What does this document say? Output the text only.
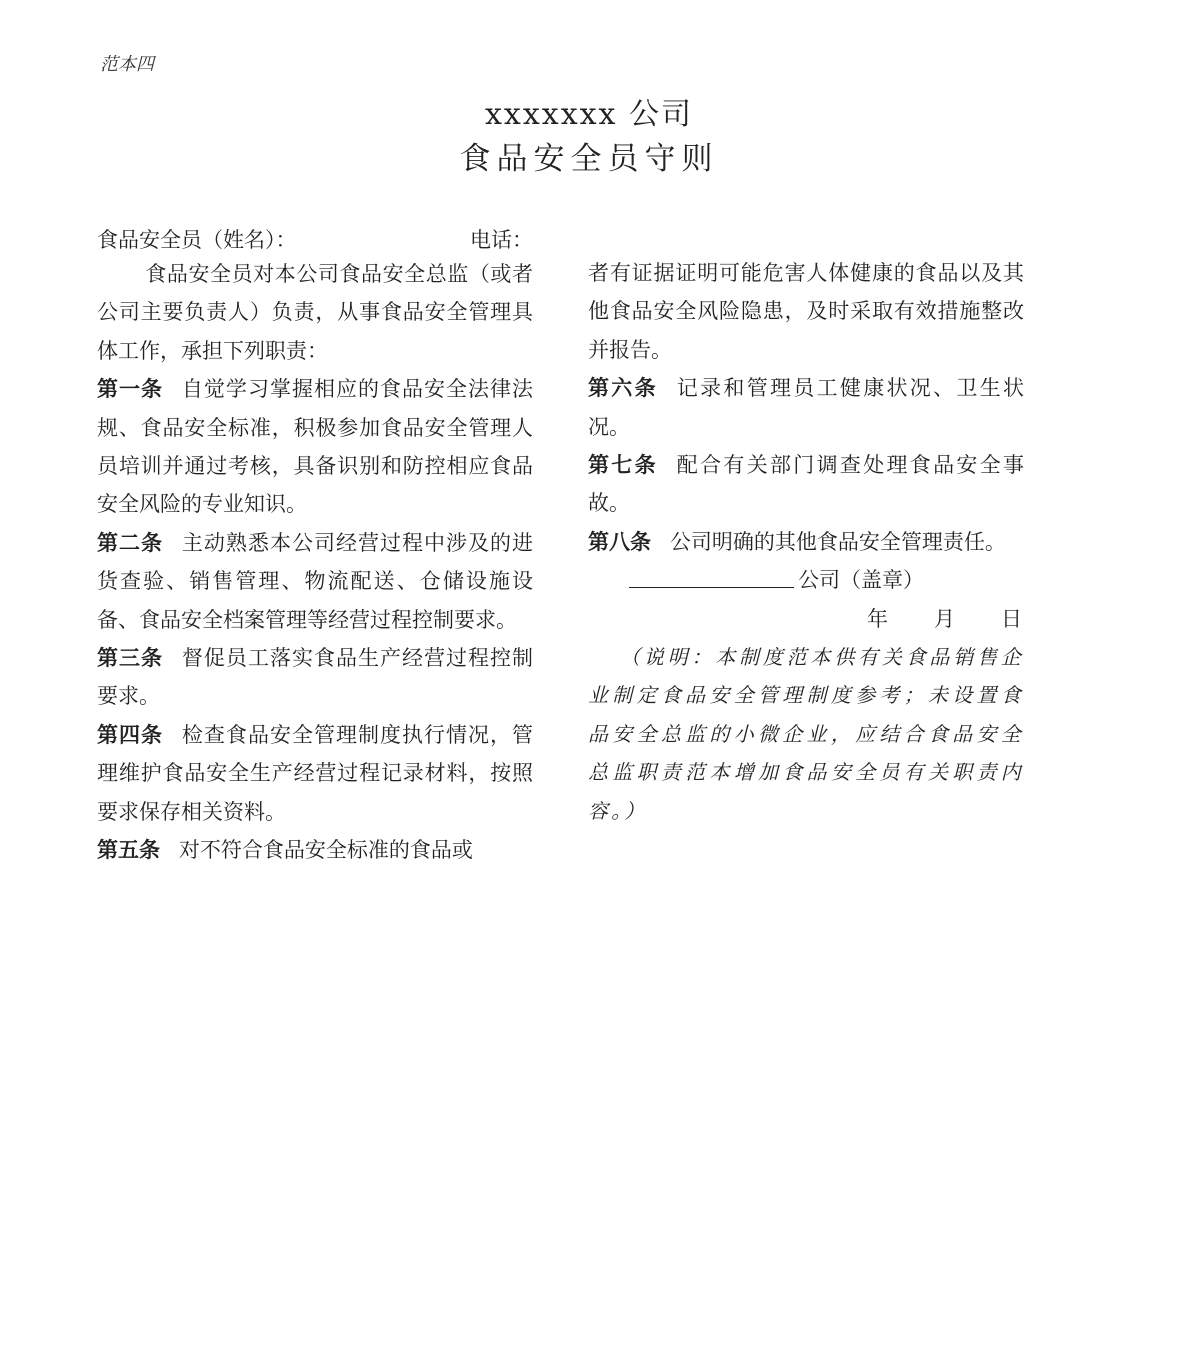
范本四
xxxxxxx 公司
食品安全员守则
食品安全员（姓名）：	电话：

食品安全员对本公司食品安全总监（或者公司主要负责人）负责，从事食品安全管理具体工作，承担下列职责：

第一条 自觉学习掌握相应的食品安全法律法规、食品安全标准，积极参加食品安全管理人员培训并通过考核，具备识别和防控相应食品安全风险的专业知识。

第二条 主动熟悉本公司经营过程中涉及的进货查验、销售管理、物流配送、仓储设施设备、食品安全档案管理等经营过程控制要求。

第三条 督促员工落实食品生产经营过程控制要求。

第四条 检查食品安全管理制度执行情况，管理维护食品安全生产经营过程记录材料，按照要求保存相关资料。

第五条 对不符合食品安全标准的食品或

者有证据证明可能危害人体健康的食品以及其他食品安全风险隐患，及时采取有效措施整改并报告。

第六条 记录和管理员工健康状况、卫生状况。

第七条 配合有关部门调查处理食品安全事故。

第八条 公司明确的其他食品安全管理责任。

公司（盖章）
年 月 日

（说明：本制度范本供有关食品销售企业制定食品安全管理制度参考；未设置食品安全总监的小微企业，应结合食品安全总监职责范本增加食品安全员有关职责内容。）
